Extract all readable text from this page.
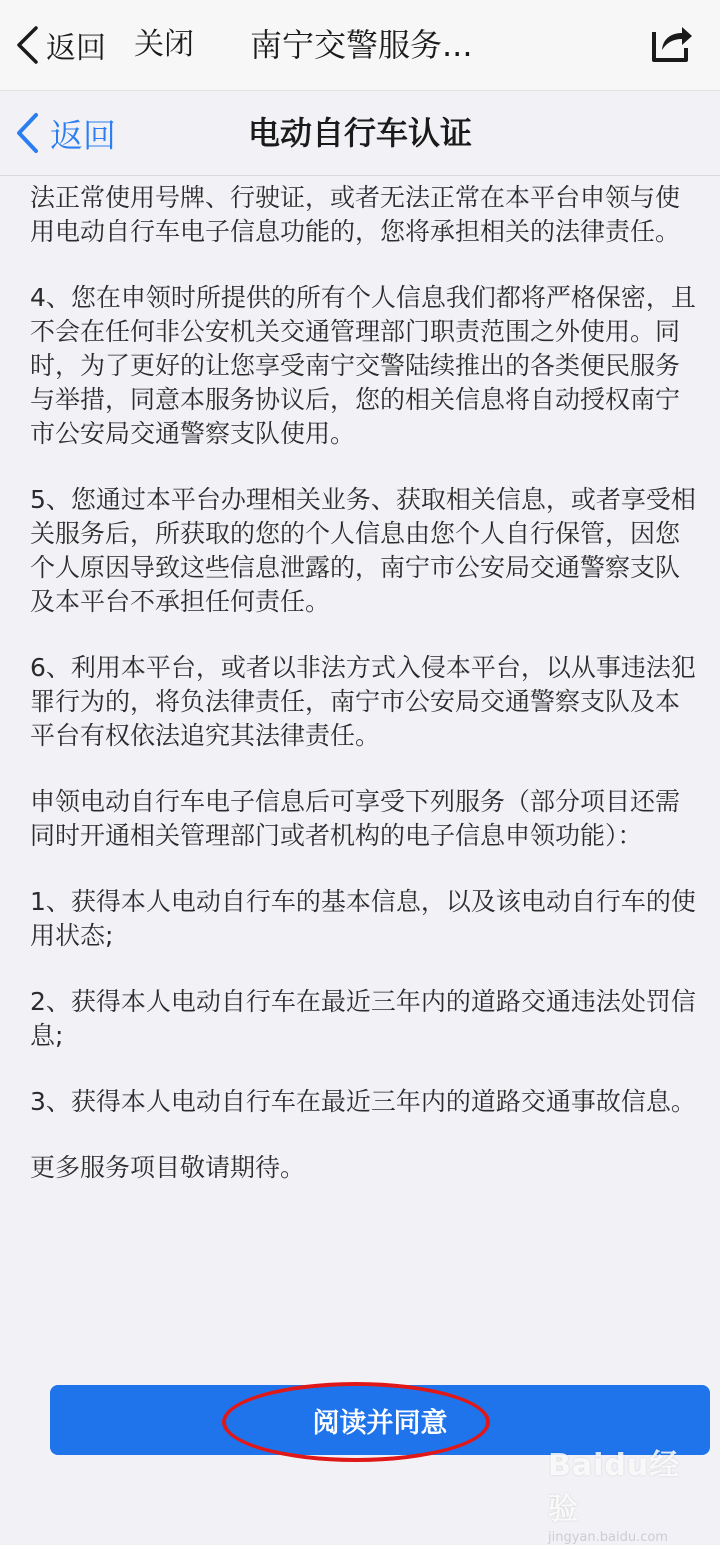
返回 关闭 南宁交警服务...
电动自行车认证
返回

法正常使用号牌、行驶证，或者无法正常在本平台申领与使用电动自行车电子信息功能的，您将承担相关的法律责任。

4、您在申领时所提供的所有个人信息我们都将严格保密，且不会在任何非公安机关交通管理部门职责范围之外使用。同时，为了更好的让您享受南宁交警陆续推出的各类便民服务与举措，同意本服务协议后，您的相关信息将自动授权南宁市公安局交通警察支队使用。

5、您通过本平台办理相关业务、获取相关信息，或者享受相关服务后，所获取的您的个人信息由您个人自行保管，因您个人原因导致这些信息泄露的，南宁市公安局交通警察支队及本平台不承担任何责任。

6、利用本平台，或者以非法方式入侵本平台，以从事违法犯罪行为的，将负法律责任，南宁市公安局交通警察支队及本平台有权依法追究其法律责任。

申领电动自行车电子信息后可享受下列服务（部分项目还需同时开通相关管理部门或者机构的电子信息申领功能）：

1、获得本人电动自行车的基本信息，以及该电动自行车的使用状态;

2、获得本人电动自行车在最近三年内的道路交通违法处罚信息;

3、获得本人电动自行车在最近三年内的道路交通事故信息。

更多服务项目敬请期待。

阅读并同意
Baidu经验
jingyan.baidu.com
